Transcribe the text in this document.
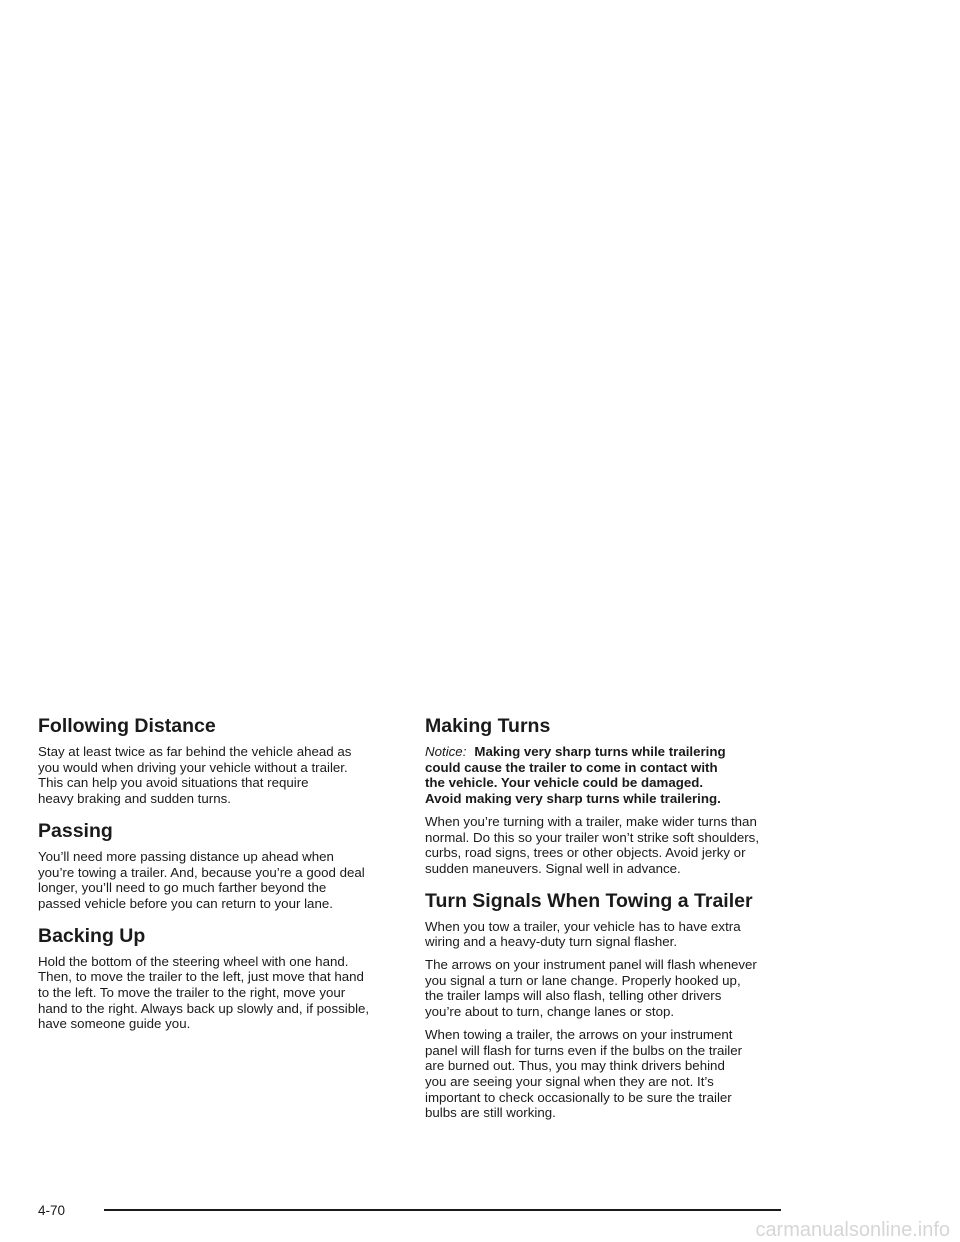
Following Distance

Stay at least twice as far behind the vehicle ahead as
you would when driving your vehicle without a trailer.
This can help you avoid situations that require
heavy braking and sudden turns.

Passing

You’ll need more passing distance up ahead when
you’re towing a trailer. And, because you’re a good deal
longer, you’ll need to go much farther beyond the
passed vehicle before you can return to your lane.

Backing Up

Hold the bottom of the steering wheel with one hand.
Then, to move the trailer to the left, just move that hand
to the left. To move the trailer to the right, move your
hand to the right. Always back up slowly and, if possible,
have someone guide you.

Making Turns

Notice: Making very sharp turns while trailering
could cause the trailer to come in contact with
the vehicle. Your vehicle could be damaged.
Avoid making very sharp turns while trailering.

When you’re turning with a trailer, make wider turns than
normal. Do this so your trailer won’t strike soft shoulders,
curbs, road signs, trees or other objects. Avoid jerky or
sudden maneuvers. Signal well in advance.

Turn Signals When Towing a Trailer

When you tow a trailer, your vehicle has to have extra
wiring and a heavy-duty turn signal flasher.

The arrows on your instrument panel will flash whenever
you signal a turn or lane change. Properly hooked up,
the trailer lamps will also flash, telling other drivers
you’re about to turn, change lanes or stop.

When towing a trailer, the arrows on your instrument
panel will flash for turns even if the bulbs on the trailer
are burned out. Thus, you may think drivers behind
you are seeing your signal when they are not. It’s
important to check occasionally to be sure the trailer
bulbs are still working.

4-70

carmanualsonline.info
